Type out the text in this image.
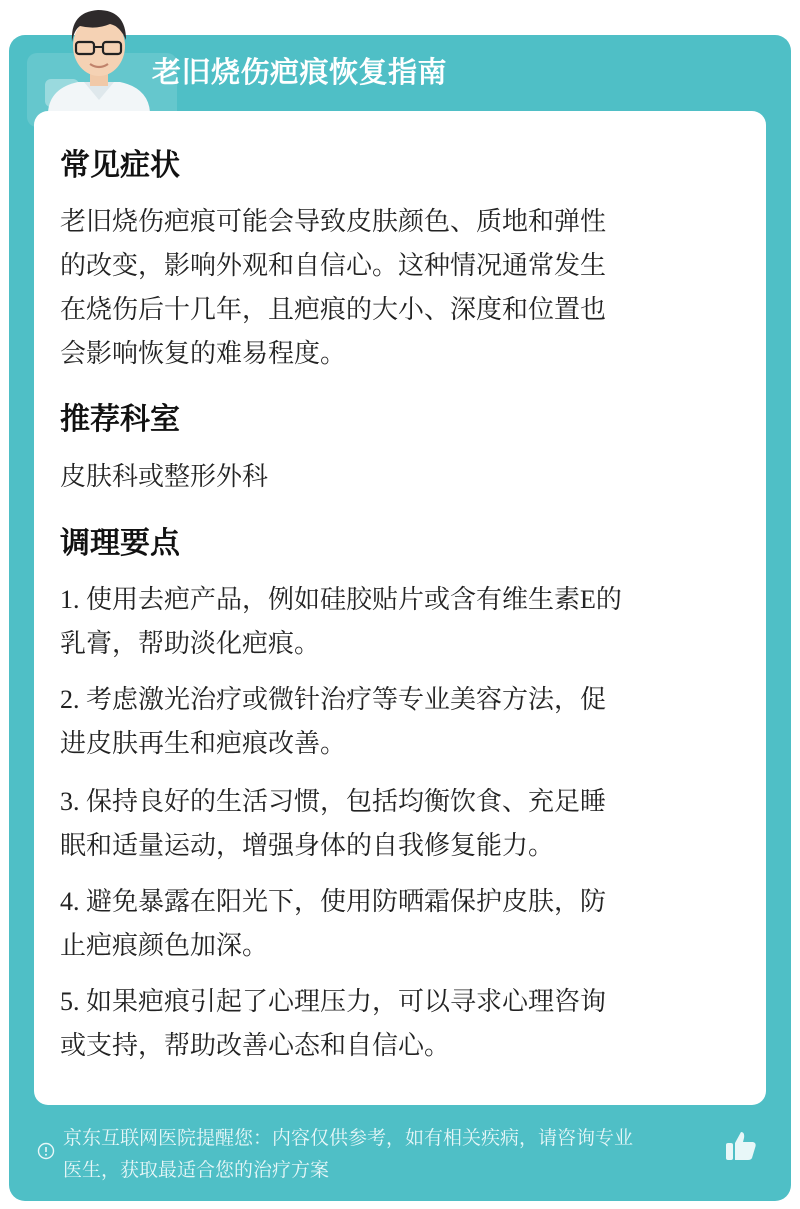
老旧烧伤疤痕恢复指南
常见症状
老旧烧伤疤痕可能会导致皮肤颜色、质地和弹性
的改变，影响外观和自信心。这种情况通常发生
在烧伤后十几年，且疤痕的大小、深度和位置也
会影响恢复的难易程度。
推荐科室
皮肤科或整形外科
调理要点
1. 使用去疤产品，例如硅胶贴片或含有维生素E的
乳膏，帮助淡化疤痕。
2. 考虑激光治疗或微针治疗等专业美容方法，促
进皮肤再生和疤痕改善。
3. 保持良好的生活习惯，包括均衡饮食、充足睡
眠和适量运动，增强身体的自我修复能力。
4. 避免暴露在阳光下，使用防晒霜保护皮肤，防
止疤痕颜色加深。
5. 如果疤痕引起了心理压力，可以寻求心理咨询
或支持，帮助改善心态和自信心。
京东互联网医院提醒您：内容仅供参考，如有相关疾病，请咨询专业
医生，获取最适合您的治疗方案
